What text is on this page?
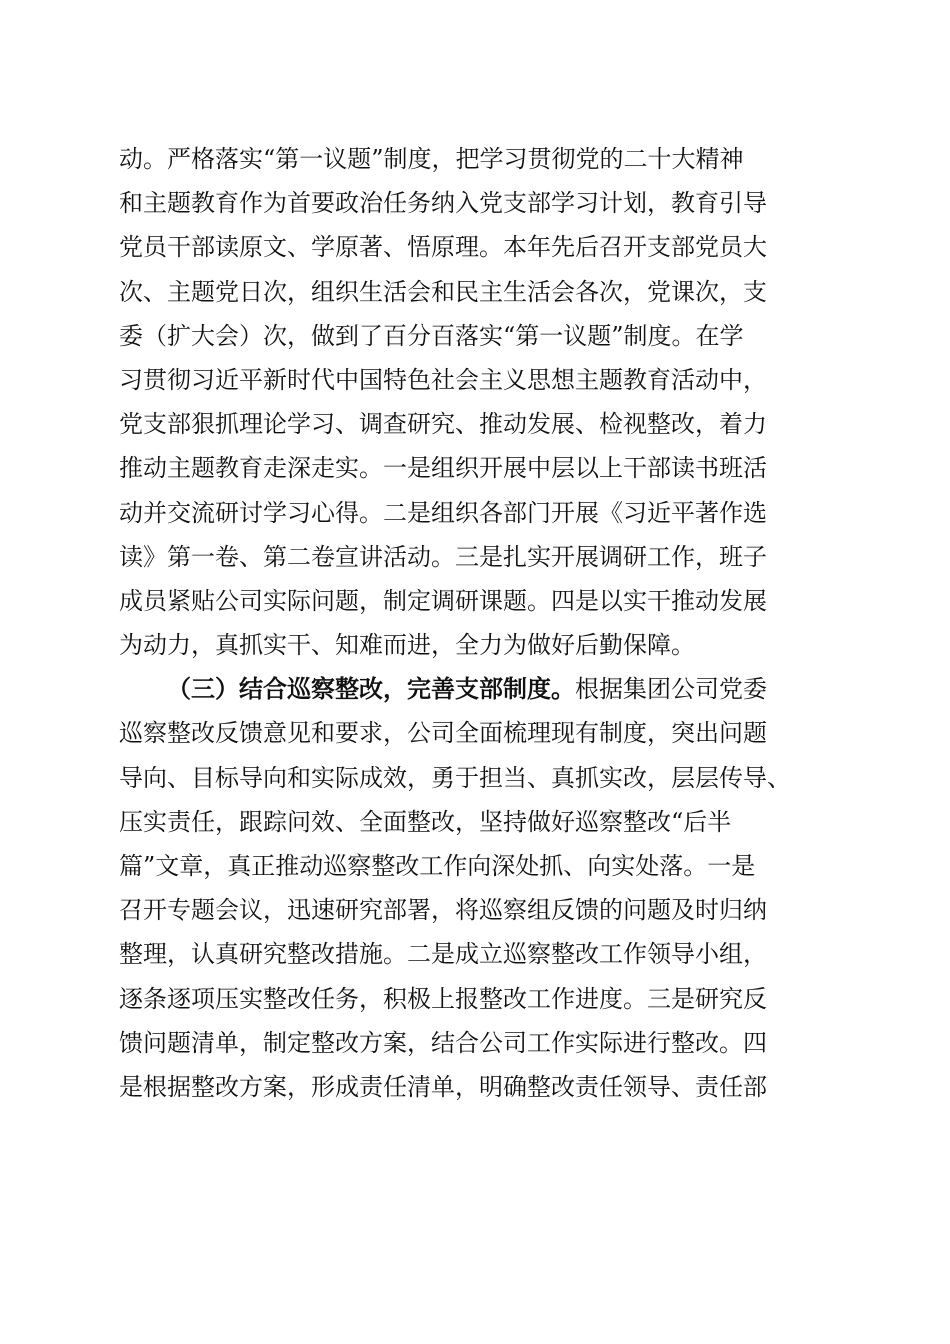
动。严格落实“第一议题”制度，把学习贯彻党的二十大精神
和主题教育作为首要政治任务纳入党支部学习计划，教育引导
党员干部读原文、学原著、悟原理。本年先后召开支部党员大
次、主题党日次，组织生活会和民主生活会各次，党课次，支
委（扩大会）次，做到了百分百落实“第一议题”制度。在学
习贯彻习近平新时代中国特色社会主义思想主题教育活动中，
党支部狠抓理论学习、调查研究、推动发展、检视整改，着力
推动主题教育走深走实。一是组织开展中层以上干部读书班活
动并交流研讨学习心得。二是组织各部门开展《习近平著作选
读》第一卷、第二卷宣讲活动。三是扎实开展调研工作，班子
成员紧贴公司实际问题，制定调研课题。四是以实干推动发展
为动力，真抓实干、知难而进，全力为做好后勤保障。
（三）结合巡察整改，完善支部制度。根据集团公司党委
巡察整改反馈意见和要求，公司全面梳理现有制度，突出问题
导向、目标导向和实际成效，勇于担当、真抓实改，层层传导、
压实责任，跟踪问效、全面整改，坚持做好巡察整改“后半
篇”文章，真正推动巡察整改工作向深处抓、向实处落。一是
召开专题会议，迅速研究部署，将巡察组反馈的问题及时归纳
整理，认真研究整改措施。二是成立巡察整改工作领导小组，
逐条逐项压实整改任务，积极上报整改工作进度。三是研究反
馈问题清单，制定整改方案，结合公司工作实际进行整改。四
是根据整改方案，形成责任清单，明确整改责任领导、责任部
